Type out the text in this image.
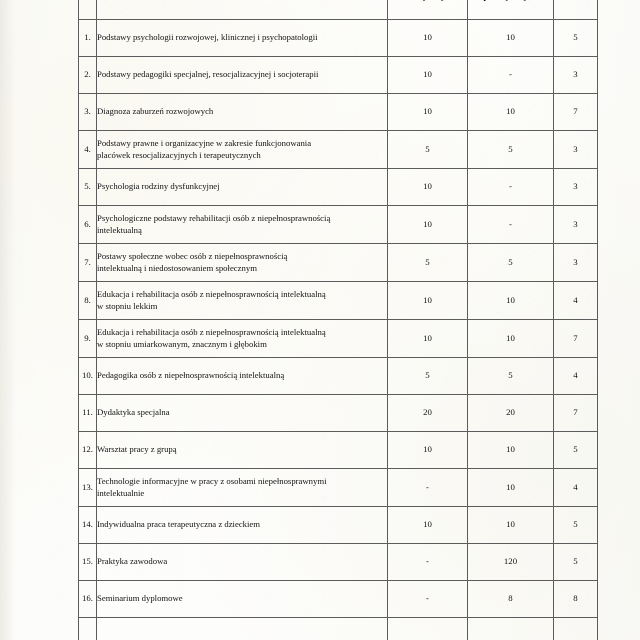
1.	Podstawy psychologii rozwojowej, klinicznej i psychopatologii	10	10	5
2.	Podstawy pedagogiki specjalnej, resocjalizacyjnej i socjoterapii	10	-	3
3.	Diagnoza zaburzeń rozwojowych	10	10	7
4.	Podstawy prawne i organizacyjne w zakresie funkcjonowania
placówek resocjalizacyjnych i terapeutycznych	5	5	3
5.	Psychologia rodziny dysfunkcyjnej	10	-	3
6.	Psychologiczne podstawy rehabilitacji osób z niepełnosprawnością
intelektualną	10	-	3
7.	Postawy społeczne wobec osób z niepełnosprawnością
intelektualną i niedostosowaniem społecznym	5	5	3
8.	Edukacja i rehabilitacja osób z niepełnosprawnością intelektualną
w stopniu lekkim	10	10	4
9.	Edukacja i rehabilitacja osób z niepełnosprawnością intelektualną
w stopniu umiarkowanym, znacznym i głębokim	10	10	7
10.	Pedagogika osób z niepełnosprawnością intelektualną	5	5	4
11.	Dydaktyka specjalna	20	20	7
12.	Warsztat pracy z grupą	10	10	5
13.	Technologie informacyjne w pracy z osobami niepełnosprawnymi
intelektualnie	-	10	4
14.	Indywidualna praca terapeutyczna z dzieckiem	10	10	5
15.	Praktyka zawodowa	-	120	5
16.	Seminarium dyplomowe	-	8	8
